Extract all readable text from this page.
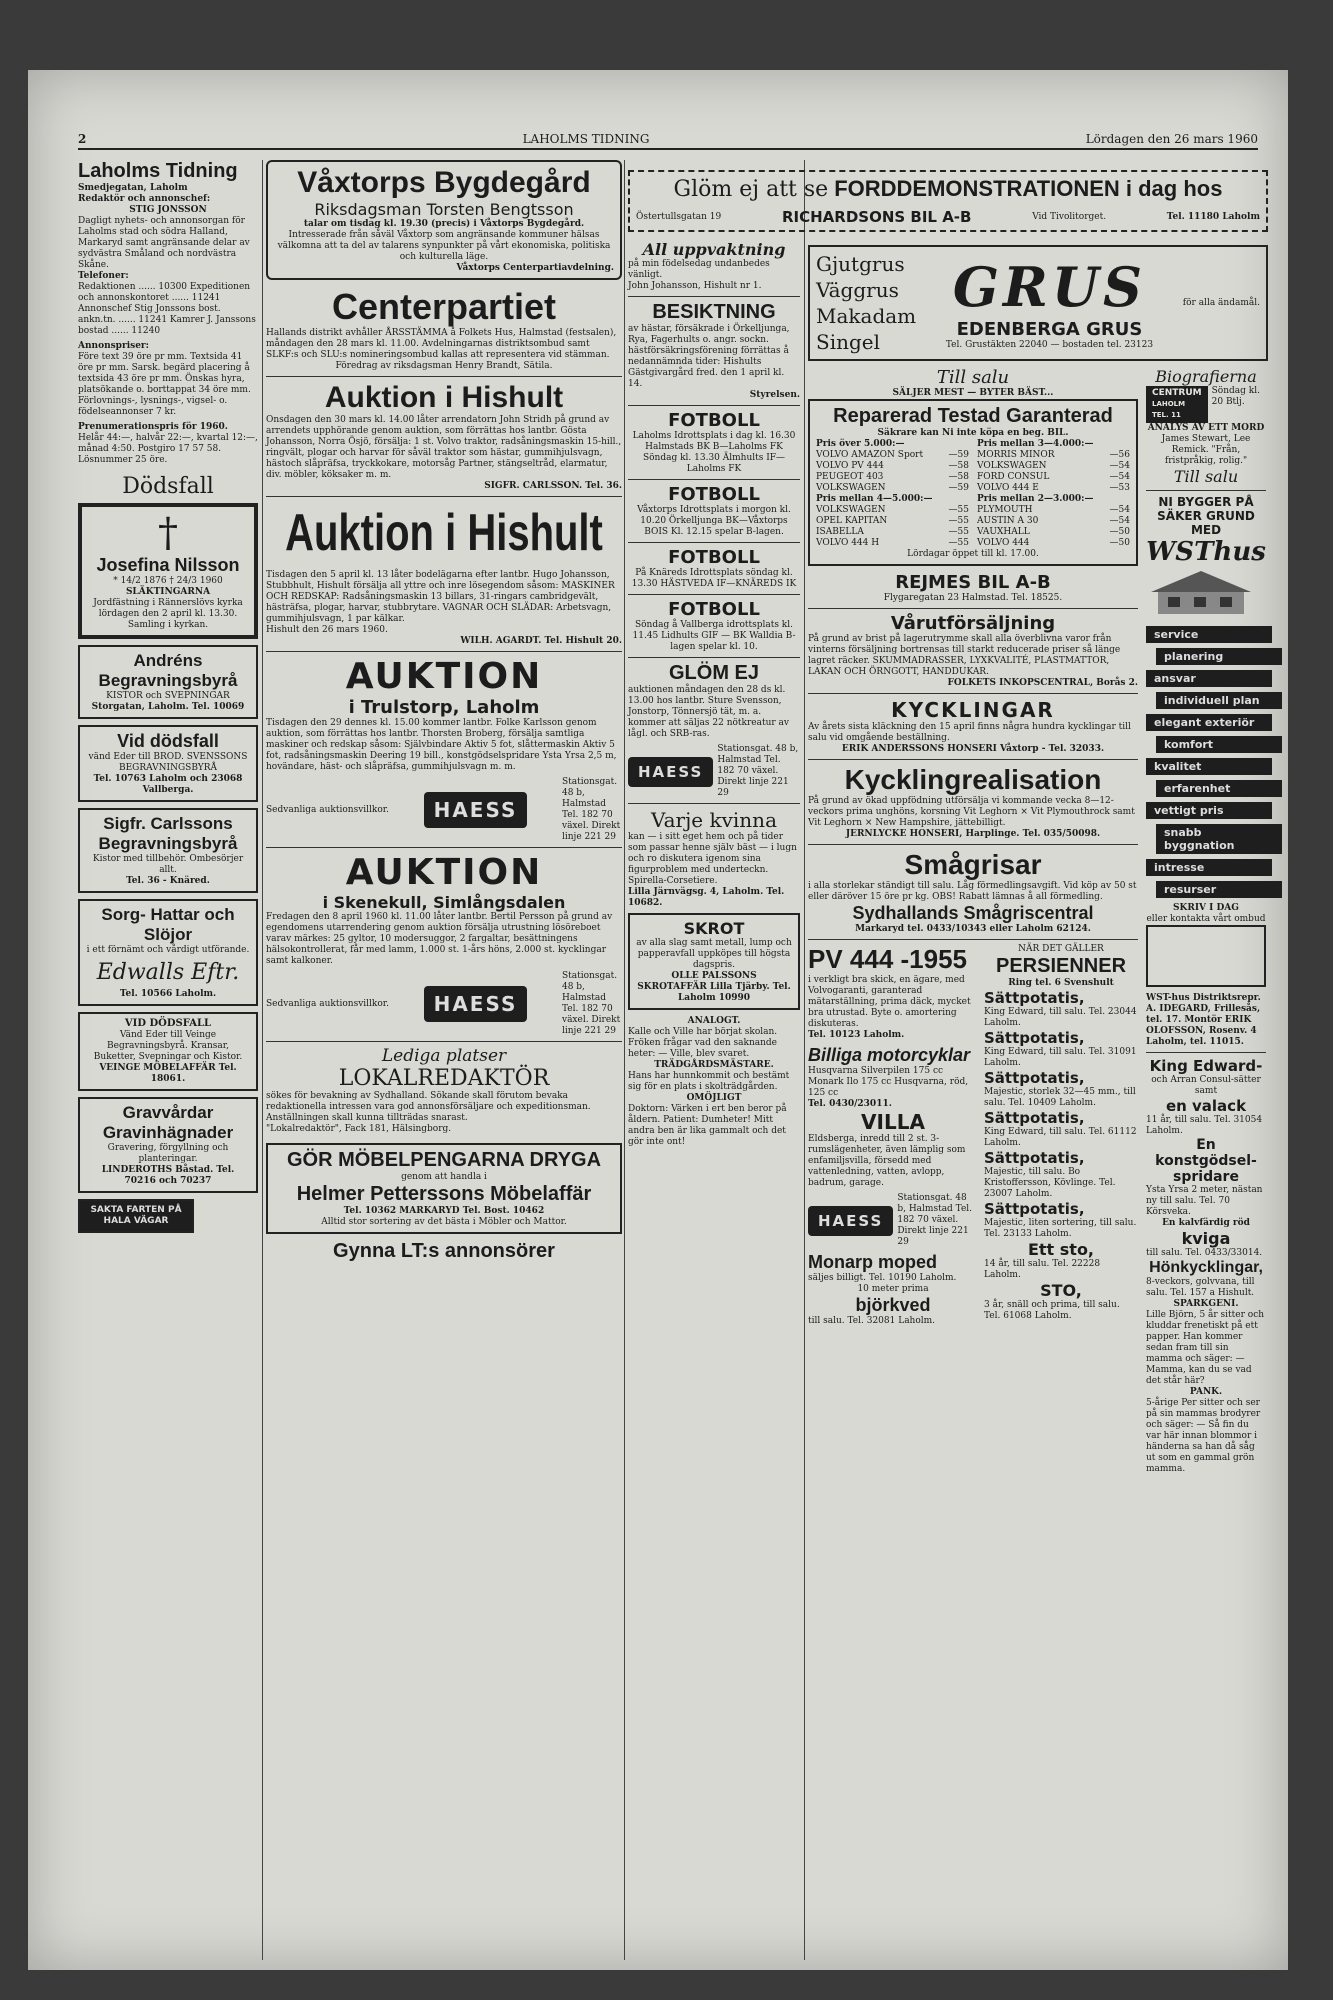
2	LAHOLMS TIDNING	Lördagen den 26 mars 1960
Laholms Tidning
Smedjegatan, Laholm
Redaktör och annonschef:
STIG JONSSON
Dagligt nyhets- och annonsorgan för Laholms stad och södra Halland, Markaryd samt angränsande delar av sydvästra Småland och nordvästra Skåne.
Telefoner:
Redaktionen ...... 10300 Expeditionen och annonskontoret ...... 11241 Annonschef Stig Jonssons bost. ankn.tn. ...... 11241 Kamrer J. Janssons bostad ...... 11240
Annonspriser:
Före text 39 öre pr mm. Textsida 41 öre pr mm. Sarsk. begärd placering å textsida 43 öre pr mm. Önskas hyra, platsökande o. borttappat 34 öre mm. Förlovnings-, lysnings-, vigsel- o. födelseannonser 7 kr.
Prenumerationspris för 1960.
Helår 44:—, halvår 22:—, kvartal 12:—, månad 4:50. Postgiro 17 57 58. Lösnummer 25 öre.
Dödsfall
†
Josefina Nilsson
* 14/2 1876 † 24/3 1960
SLÄKTINGARNA
Jordfästning i Rännerslövs kyrka lördagen den 2 april kl. 13.30. Samling i kyrkan.
Andréns Begravningsbyrå
KISTOR och SVEPNINGAR
Storgatan, Laholm. Tel. 10069
Vid dödsfall
vänd Eder till BROD. SVENSSONS BEGRAVNINGSBYRÅ
Tel. 10763 Laholm och 23068 Vallberga.
Sigfr. Carlssons Begravningsbyrå
Kistor med tillbehör. Ombesörjer allt.
Tel. 36 - Knäred.
Sorg- Hattar och Slöjor
i ett förnämt och vårdigt utförande.
Edwalls Eftr.
Tel. 10566 Laholm.
VID DÖDSFALL
Vänd Eder till Veinge Begravningsbyrå. Kransar, Buketter, Svepningar och Kistor.
VEINGE MÖBELAFFÄR Tel. 18061.
Gravvårdar Gravinhägnader
Gravering, förgyllning och planteringar.
LINDEROTHS Båstad. Tel. 70216 och 70237
SAKTA FARTEN PÅ HALA VÄGAR
Våxtorps Bygdegård
Riksdagsman Torsten Bengtsson
talar om tisdag kl. 19.30 (precis) i Våxtorps Bygdegård.
Intresserade från såväl Våxtorp som angränsande kommuner hälsas välkomna att ta del av talarens synpunkter på vårt ekonomiska, politiska och kulturella läge.
Våxtorps Centerpartiavdelning.
Centerpartiet
Hallands distrikt avhåller ÅRSSTÄMMA å Folkets Hus, Halmstad (festsalen), måndagen den 28 mars kl. 11.00. Avdelningarnas distriktsombud samt SLKF:s och SLU:s nomineringsombud kallas att representera vid stämman.
Föredrag av riksdagsman Henry Brandt, Sätila.
Auktion i Hishult
Onsdagen den 30 mars kl. 14.00 låter arrendatorn John Stridh på grund av arrendets upphörande genom auktion, som förrättas hos lantbr. Gösta Johansson, Norra Ösjö, försälja: 1 st. Volvo traktor, radsåningsmaskin 15-hill., ringvält, plogar och harvar för såväl traktor som hästar, gummihjulsvagn, hästoch slåpräfsa, tryckkokare, motorsåg Partner, stängseltråd, elarmatur, div. möbler, köksaker m. m.
SIGFR. CARLSSON. Tel. 36.
Auktion i Hishult
Tisdagen den 5 april kl. 13 låter bodelägarna efter lantbr. Hugo Johansson, Stubbhult, Hishult försälja all yttre och inre lösegendom såsom: MASKINER OCH REDSKAP: Radsåningsmaskin 13 billars, 31-ringars cambridgevält, hästräfsa, plogar, harvar, stubbrytare. VAGNAR OCH SLÄDAR: Arbetsvagn, gummihjulsvagn, 1 par kälkar.
Hishult den 26 mars 1960.
WILH. AGARDT. Tel. Hishult 20.
AUKTION
i Trulstorp, Laholm
Tisdagen den 29 dennes kl. 15.00 kommer lantbr. Folke Karlsson genom auktion, som förrättas hos lantbr. Thorsten Broberg, försälja samtliga maskiner och redskap såsom: Självbindare Aktiv 5 fot, slåttermaskin Aktiv 5 fot, radsåningsmaskin Deering 19 bill., konstgödselspridare Ysta Yrsa 2,5 m, hovändare, häst- och slåpräfsa, gummihjulsvagn m. m.
Sedvanliga auktionsvillkor.	HAESS
Stationsgat. 48 b, Halmstad Tel. 182 70 växel. Direkt linje 221 29
AUKTION
i Skenekull, Simlångsdalen
Fredagen den 8 april 1960 kl. 11.00 låter lantbr. Bertil Persson på grund av egendomens utarrendering genom auktion försälja utrustning lösöreboet varav märkes: 25 gyltor, 10 modersuggor, 2 fargaltar, besättningens hälsokontrollerat, får med lamm, 1.000 st. 1-års höns, 2.000 st. kycklingar samt kalkoner.
Sedvanliga auktionsvillkor.	HAESS
Stationsgat. 48 b, Halmstad Tel. 182 70 växel. Direkt linje 221 29
Lediga platser
LOKALREDAKTÖR
sökes för bevakning av Sydhalland. Sökande skall förutom bevaka redaktionella intressen vara god annonsförsäljare och expeditionsman. Anställningen skall kunna tillträdas snarast.
"Lokalredaktör", Fack 181, Hälsingborg.
GÖR MÖBELPENGARNA DRYGA
genom att handla i
Helmer Petterssons Möbelaffär
Tel. 10362 MARKARYD Tel. Bost. 10462
Alltid stor sortering av det bästa i Möbler och Mattor.
Gynna LT:s annonsörer
All uppvaktning
på min födelsedag undanbedes vänligt.
John Johansson, Hishult nr 1.
BESIKTNING
av hästar, försäkrade i Örkelljunga, Rya, Fagerhults o. angr. sockn. hästförsäkringsförening förrättas å nedannämnda tider: Hishults Gästgivargård fred. den 1 april kl. 14.
Styrelsen.
FOTBOLL
Laholms Idrottsplats i dag kl. 16.30 Halmstads BK B—Laholms FK Söndag kl. 13.30 Älmhults IF—Laholms FK
FOTBOLL
Våxtorps Idrottsplats i morgon kl. 10.20 Örkelljunga BK—Våxtorps BOIS Kl. 12.15 spelar B-lagen.
FOTBOLL
På Knäreds Idrottsplats söndag kl. 13.30 HÄSTVEDA IF—KNÄREDS IK
FOTBOLL
Söndag å Vallberga idrottsplats kl. 11.45 Lidhults GIF — BK Walldia B-lagen spelar kl. 10.
GLÖM EJ
auktionen måndagen den 28 ds kl. 13.00 hos lantbr. Sture Svensson, Jonstorp, Tönnersjö tät, m. a. kommer att säljas 22 nötkreatur av lågl. och SRB-ras.
HAESS
Stationsgat. 48 b, Halmstad Tel. 182 70 växel. Direkt linje 221 29
Varje kvinna
kan — i sitt eget hem och på tider som passar henne själv bäst — i lugn och ro diskutera igenom sina figurproblem med underteckn. Spirella-Corsetiere.
Lilla Järnvägsg. 4, Laholm. Tel. 10682.
SKROT
av alla slag samt metall, lump och papperavfall uppköpes till högsta dagspris.
OLLE PALSSONS SKROTAFFÄR Lilla Tjärby. Tel. Laholm 10990
ANALOGT.
Kalle och Ville har börjat skolan. Fröken frågar vad den saknande heter: — Ville, blev svaret.
TRÄDGÅRDSMÄSTARE.
Hans har hunnkommit och bestämt sig för en plats i skolträdgården.
OMÖJLIGT
Doktorn: Värken i ert ben beror på åldern. Patient: Dumheter! Mitt andra ben är lika gammalt och det gör inte ont!
Glöm ej att se FORDDEMONSTRATIONEN i dag hos
Östertullsgatan 19	RICHARDSONS BIL A-B	Vid Tivolitorget.	Tel. 11180 Laholm
Gjutgrus
Väggrus
Makadam
Singel
GRUS
EDENBERGA GRUS
Tel. Grustäkten 22040 — bostaden tel. 23123
för alla ändamål.
Till salu
SÄLJER MEST — BYTER BÄST...
Reparerad Testad Garanterad
Säkrare kan Ni inte köpa en beg. BIL.
Pris över 5.000:—
VOLVO AMAZON Sport	—59
VOLVO PV 444	—58
PEUGEOT 403	—58
VOLKSWAGEN	—59
Pris mellan 4—5.000:—
VOLKSWAGEN	—55
OPEL KAPITAN	—55
ISABELLA	—55
VOLVO 444 H	—55
Pris mellan 3—4.000:—
MORRIS MINOR	—56
VOLKSWAGEN	—54
FORD CONSUL	—54
VOLVO 444 E	—53
Pris mellan 2—3.000:—
PLYMOUTH	—54
AUSTIN A 30	—54
VAUXHALL	—50
VOLVO 444	—50
Lördagar öppet till kl. 17.00.
REJMES BIL A-B
Flygaregatan 23 Halmstad. Tel. 18525.
Vårutförsäljning
På grund av brist på lagerutrymme skall alla överblivna varor från vinterns försäljning bortrensas till starkt reducerade priser så länge lagret räcker. SKUMMADRASSER, LYXKVALITÉ, PLASTMATTOR, LAKAN OCH ÖRNGOTT, HANDDUKAR.
FOLKETS INKOPSCENTRAL, Borås 2.
KYCKLINGAR
Av årets sista kläckning den 15 april finns några hundra kycklingar till salu vid omgående beställning.
ERIK ANDERSSONS HONSERI Våxtorp - Tel. 32033.
Kycklingrealisation
På grund av ökad uppfödning utförsälja vi kommande vecka 8—12-veckors prima unghöns, korsning Vit Leghorn × Vit Plymouthrock samt Vit Leghorn × New Hampshire, jättebilligt.
JERNLYCKE HONSERI, Harplinge. Tel. 035/50098.
Smågrisar
i alla storlekar ständigt till salu. Låg förmedlingsavgift. Vid köp av 50 st eller däröver 15 öre pr kg. OBS! Rabatt lämnas å all förmedling.
Sydhallands Smågriscentral
Markaryd tel. 0433/10343 eller Laholm 62124.
PV 444 -1955
i verkligt bra skick, en ägare, med Volvogaranti, garanterad mätarställning, prima däck, mycket bra utrustad. Byte o. amortering diskuteras.
Tel. 10123 Laholm.
Billiga motorcyklar
Husqvarna Silverpilen 175 cc Monark Ilo 175 cc Husqvarna, röd, 125 cc
Tel. 0430/23011.
VILLA
Eldsberga, inredd till 2 st. 3-rumslägenheter, även lämplig som enfamiljsvilla, försedd med vattenledning, vatten, avlopp, badrum, garage.
HAESS
Stationsgat. 48 b, Halmstad Tel. 182 70 växel. Direkt linje 221 29
Monarp moped
säljes billigt. Tel. 10190 Laholm.
10 meter prima
björkved
till salu. Tel. 32081 Laholm.
NÄR DET GÄLLER
PERSIENNER
Ring tel. 6 Svenshult
Sättpotatis,
King Edward, till salu. Tel. 23044 Laholm.
Sättpotatis,
King Edward, till salu. Tel. 31091 Laholm.
Sättpotatis,
Majestic, storlek 32—45 mm., till salu. Tel. 10409 Laholm.
Sättpotatis,
King Edward, till salu. Tel. 61112 Laholm.
Sättpotatis,
Majestic, till salu. Bo Kristoffersson, Kövlinge. Tel. 23007 Laholm.
Sättpotatis,
Majestic, liten sortering, till salu. Tel. 23133 Laholm.
Ett sto,
14 år, till salu. Tel. 22228 Laholm.
STO,
3 år, snäll och prima, till salu. Tel. 61068 Laholm.
Biografierna
CENTRUM
LAHOLM TEL. 11
Söndag kl. 20 Btlj.
ANALYS AV ETT MORD
James Stewart, Lee Remick. "Från, fristpråkig, rolig."
Till salu
NI BYGGER PÅ SÄKER GRUND MED
WSThus
service
planering
ansvar
individuell plan
elegant exteriör
komfort
kvalitet
erfarenhet
vettigt pris
snabb byggnation
intresse
resurser
SKRIV I DAG
eller kontakta vårt ombud
WST-hus Distriktsrepr. A. IDEGARD, Frillesås, tel. 17. Montör ERIK OLOFSSON, Rosenv. 4 Laholm, tel. 11015.
King Edward-
och Arran Consul-sätter samt
en valack
11 år, till salu. Tel. 31054 Laholm.
En konstgödsel-spridare
Ysta Yrsa 2 meter, nästan ny till salu. Tel. 70 Körsveka.
En kalvfärdig röd
kviga
till salu. Tel. 0433/33014.
Hönkycklingar,
8-veckors, golvvana, till salu. Tel. 157 a Hishult.
SPARKGENI.
Lille Björn, 5 år sitter och kluddar frenetiskt på ett papper. Han kommer sedan fram till sin mamma och säger: — Mamma, kan du se vad det står här?
PANK.
5-årige Per sitter och ser på sin mammas brodyrer och säger: — Så fin du var här innan blommor i händerna sa han då såg ut som en gammal grön mamma.
